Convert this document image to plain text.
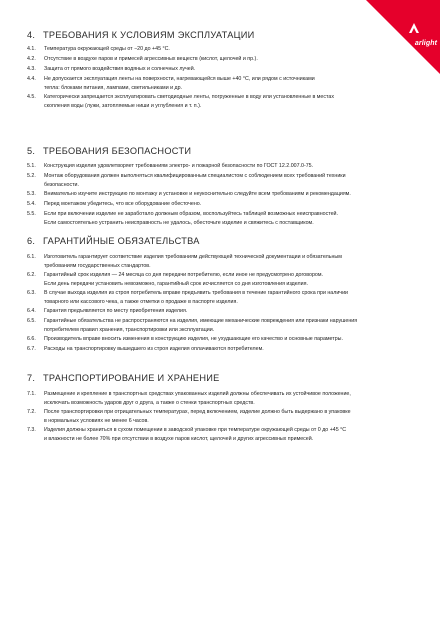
arlight
4. ТРЕБОВАНИЯ К УСЛОВИЯМ ЭКСПЛУАТАЦИИ
4.1.	Температура окружающей среды от −20 до +45 °C.
4.2.	Отсутствие в воздухе паров и примесей агрессивных веществ (кислот, щелочей и пр.).
4.3.	Защита от прямого воздействия водяных и солнечных лучей.
4.4.	Не допускается эксплуатация ленты на поверхности, нагревающейся выше +40 °C, или рядом с источниками
тепла: блоками питания, лампами, светильниками и др.
4.5.	Категорически запрещается эксплуатировать светодиодные ленты, погруженные в воду или установленные в местах
скопления воды (лужи, затопляемые ниши и углубления и т. п.).
5. ТРЕБОВАНИЯ БЕЗОПАСНОСТИ
5.1.	Конструкция изделия удовлетворяет требованиям электро- и пожарной безопасности по ГОСТ 12.2.007.0-75.
5.2.	Монтаж оборудования должен выполняться квалифицированным специалистом с соблюдением всех требований техники
безопасности.
5.3.	Внимательно изучите инструкцию по монтажу и установке и неукоснительно следуйте всем требованиям и рекомендациям.
5.4.	Перед монтажом убедитесь, что все оборудование обесточено.
5.5.	Если при включении изделие не заработало должным образом, воспользуйтесь таблицей возможных неисправностей.
Если самостоятельно устранить неисправность не удалось, обесточьте изделие и свяжитесь с поставщиком.
6. ГАРАНТИЙНЫЕ ОБЯЗАТЕЛЬСТВА
6.1.	Изготовитель гарантирует соответствие изделия требованиям действующей технической документации и обязательным
требованиям государственных стандартов.
6.2.	Гарантийный срок изделия — 24 месяца со дня передачи потребителю, если иное не предусмотрено договором.
Если день передачи установить невозможно, гарантийный срок исчисляется со дня изготовления изделия.
6.3.	В случае выхода изделия из строя потребитель вправе предъявить требования в течение гарантийного срока при наличии
товарного или кассового чека, а также отметки о продаже в паспорте изделия.
6.4.	Гарантия предъявляется по месту приобретения изделия.
6.5.	Гарантийные обязательства не распространяются на изделия, имеющие механические повреждения или признаки нарушения
потребителем правил хранения, транспортировки или эксплуатации.
6.6.	Производитель вправе вносить изменения в конструкцию изделия, не ухудшающие его качество и основные параметры.
6.7.	Расходы на транспортировку вышедшего из строя изделия оплачиваются потребителем.
7. ТРАНСПОРТИРОВАНИЕ И ХРАНЕНИЕ
7.1.	Размещение и крепление в транспортных средствах упакованных изделий должны обеспечивать их устойчивое положение,
исключать возможность ударов друг о друга, а также о стенки транспортных средств.
7.2.	После транспортировки при отрицательных температурах, перед включением, изделие должно быть выдержано в упаковке
в нормальных условиях не менее 6 часов.
7.3.	Изделия должны храниться в сухом помещении в заводской упаковке при температуре окружающей среды от 0 до +45 °C
и влажности не более 70% при отсутствии в воздухе паров кислот, щелочей и других агрессивных примесей.
